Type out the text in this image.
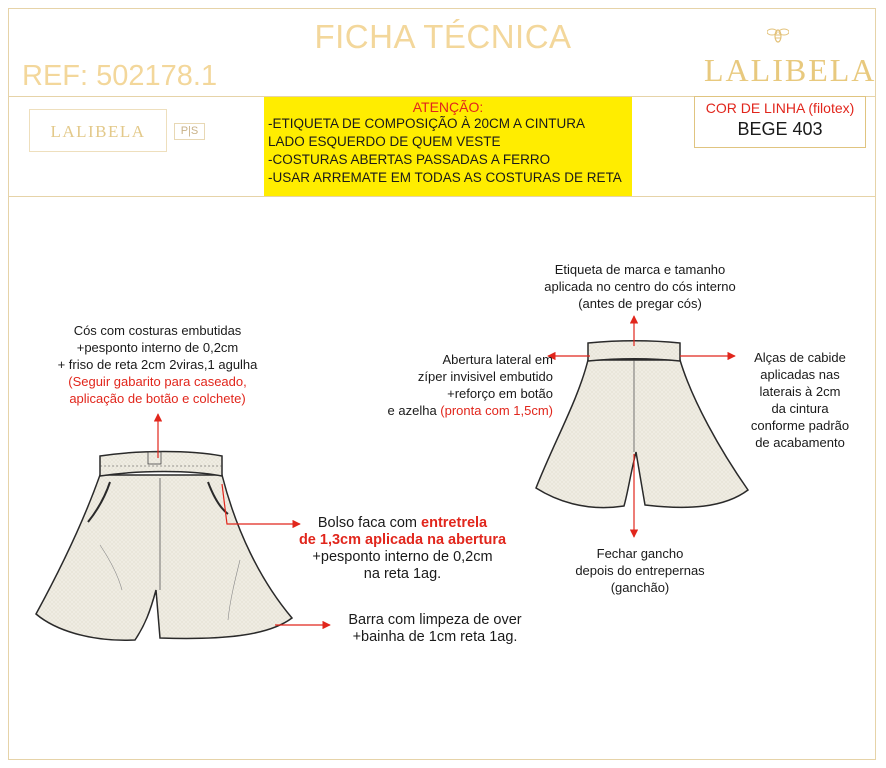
FICHA TÉCNICA
REF: 502178.1	LALIBELA
LALIBELA	P|S
ATENÇÃO:
-ETIQUETA DE COMPOSIÇÃO À 20CM A CINTURA
LADO ESQUERDO DE QUEM VESTE
-COSTURAS ABERTAS PASSADAS A FERRO
-USAR ARREMATE EM TODAS AS COSTURAS DE RETA
COR DE LINHA (filotex)
BEGE 403
Cós com costuras embutidas
+pesponto interno de 0,2cm
+ friso de reta 2cm 2viras,1 agulha
(Seguir gabarito para caseado,
aplicação de botão e colchete)
Bolso faca com entretrela
de 1,3cm aplicada na abertura
+pesponto interno de 0,2cm
na reta 1ag.
Barra com limpeza de over
+bainha de 1cm reta 1ag.
Etiqueta de marca e tamanho
aplicada no centro do cós interno
(antes de pregar cós)
Abertura lateral em
zíper invisivel embutido
+reforço em botão
e azelha (pronta com 1,5cm)
Alças de cabide
aplicadas nas
laterais à 2cm
da cintura
conforme padrão
de acabamento
Fechar gancho
depois do entrepernas
(ganchão)
